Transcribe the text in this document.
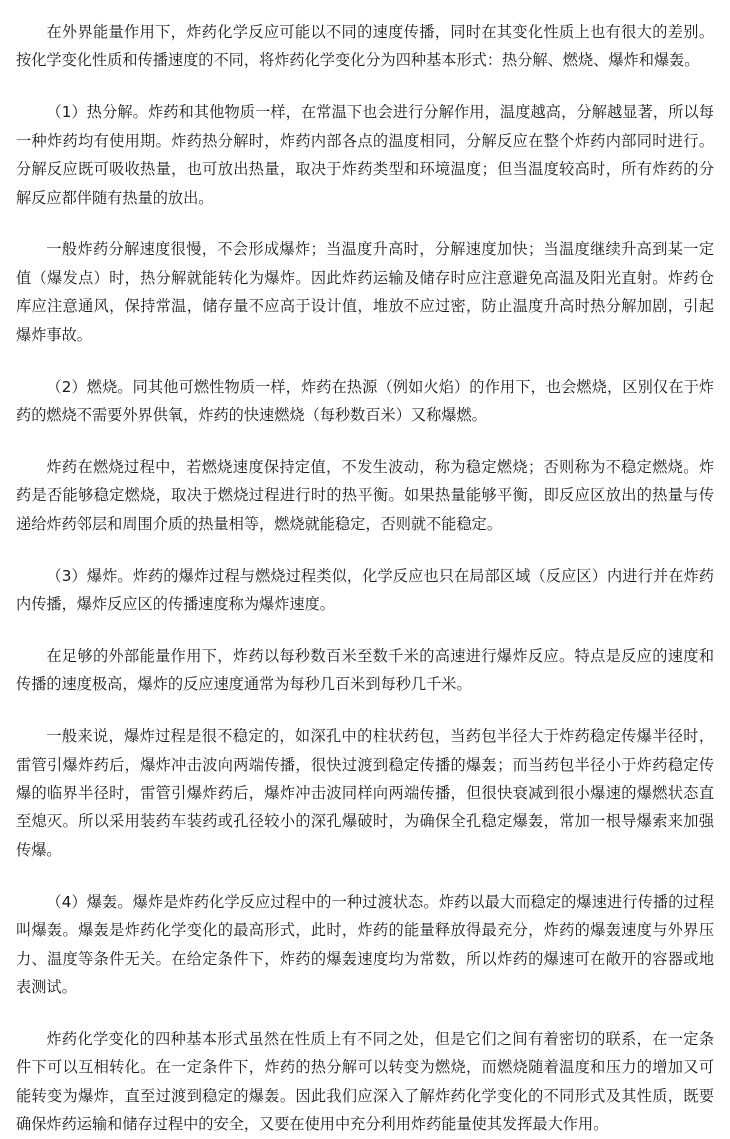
在外界能量作用下，炸药化学反应可能以不同的速度传播，同时在其变化性质上也有很大的差别。按化学变化性质和传播速度的不同，将炸药化学变化分为四种基本形式：热分解、燃烧、爆炸和爆轰。

（1）热分解。炸药和其他物质一样，在常温下也会进行分解作用，温度越高，分解越显著，所以每一种炸药均有使用期。炸药热分解时，炸药内部各点的温度相同，分解反应在整个炸药内部同时进行。分解反应既可吸收热量，也可放出热量，取决于炸药类型和环境温度；但当温度较高时，所有炸药的分解反应都伴随有热量的放出。

一般炸药分解速度很慢，不会形成爆炸；当温度升高时，分解速度加快；当温度继续升高到某一定值（爆发点）时，热分解就能转化为爆炸。因此炸药运输及储存时应注意避免高温及阳光直射。炸药仓库应注意通风，保持常温，储存量不应高于设计值，堆放不应过密，防止温度升高时热分解加剧，引起爆炸事故。

（2）燃烧。同其他可燃性物质一样，炸药在热源（例如火焰）的作用下，也会燃烧，区别仅在于炸药的燃烧不需要外界供氧，炸药的快速燃烧（每秒数百米）又称爆燃。

炸药在燃烧过程中，若燃烧速度保持定值，不发生波动，称为稳定燃烧；否则称为不稳定燃烧。炸药是否能够稳定燃烧，取决于燃烧过程进行时的热平衡。如果热量能够平衡，即反应区放出的热量与传递给炸药邻层和周围介质的热量相等，燃烧就能稳定，否则就不能稳定。

（3）爆炸。炸药的爆炸过程与燃烧过程类似，化学反应也只在局部区域（反应区）内进行并在炸药内传播，爆炸反应区的传播速度称为爆炸速度。

在足够的外部能量作用下，炸药以每秒数百米至数千米的高速进行爆炸反应。特点是反应的速度和传播的速度极高，爆炸的反应速度通常为每秒几百米到每秒几千米。

一般来说，爆炸过程是很不稳定的，如深孔中的柱状药包，当药包半径大于炸药稳定传爆半径时，雷管引爆炸药后，爆炸冲击波向两端传播，很快过渡到稳定传播的爆轰；而当药包半径小于炸药稳定传爆的临界半径时，雷管引爆炸药后，爆炸冲击波同样向两端传播，但很快衰减到很小爆速的爆燃状态直至熄灭。所以采用装药车装药或孔径较小的深孔爆破时，为确保全孔稳定爆轰，常加一根导爆索来加强传爆。

（4）爆轰。爆炸是炸药化学反应过程中的一种过渡状态。炸药以最大而稳定的爆速进行传播的过程叫爆轰。爆轰是炸药化学变化的最高形式，此时，炸药的能量释放得最充分，炸药的爆轰速度与外界压力、温度等条件无关。在给定条件下，炸药的爆轰速度均为常数，所以炸药的爆速可在敞开的容器或地表测试。

炸药化学变化的四种基本形式虽然在性质上有不同之处，但是它们之间有着密切的联系，在一定条件下可以互相转化。在一定条件下，炸药的热分解可以转变为燃烧，而燃烧随着温度和压力的增加又可能转变为爆炸，直至过渡到稳定的爆轰。因此我们应深入了解炸药化学变化的不同形式及其性质，既要确保炸药运输和储存过程中的安全，又要在使用中充分利用炸药能量使其发挥最大作用。
